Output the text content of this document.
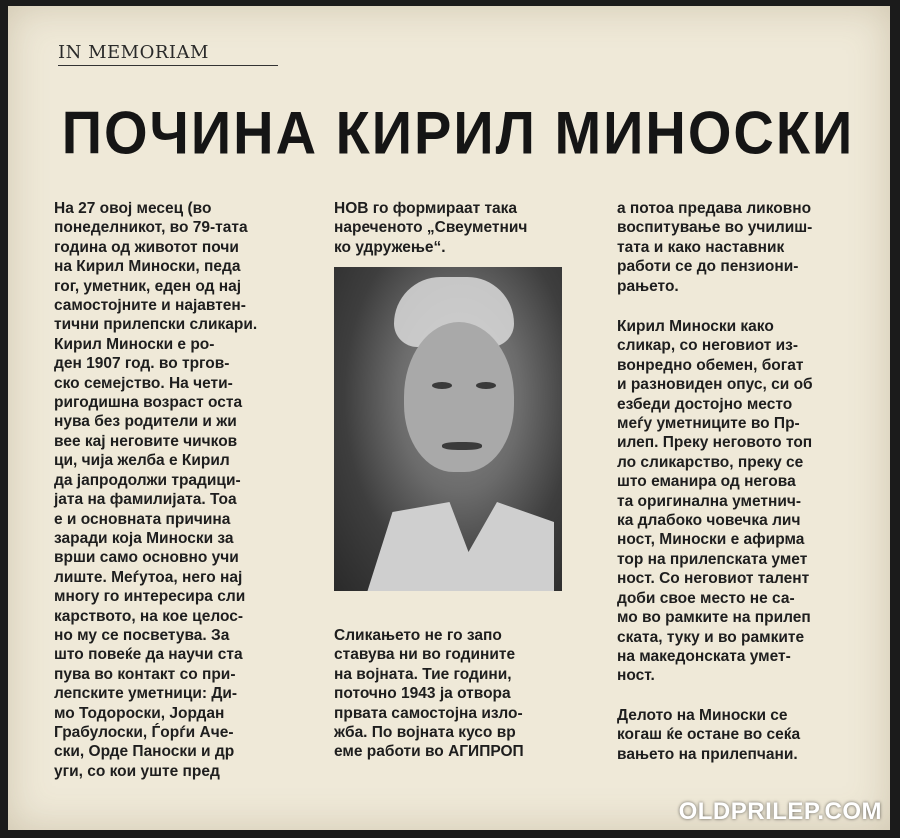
IN MEMORIAM
ПОЧИНА КИРИЛ МИНОСКИ

На 27 овој месец (во

понеделникот, во 79-тата

година од животот почи

на Кирил Миноски, педа

гог, уметник, еден од нај

самостојните и најавтен-

тични прилепски сликари.

Кирил Миноски е ро-

ден 1907 год. во тргов-

ско семејство. На чети-

ригодишна возраст оста

нува без родители и жи

вее кај неговите чичков

ци, чија желба е Кирил

да јапродолжи традици-

јата на фамилијата. Тоа

е и основната причина

заради која Миноски за

врши само основно учи

лиште. Меѓутоа, него нај

многу го интересира сли

карството, на кое целос-

но му се посветува. За

што повеќе да научи ста

пува во контакт со при-

лепските уметници: Ди-

мо Тодороски, Јордан

Грабулоски, Ѓорѓи Аче-

ски, Орде Паноски и др

уги, со кои уште пред

НОВ го формираат така

нареченото „Свеуметнич

ко удружење“.

Сликањето не го запо

ставува ни во годините

на војната. Тие години,

поточно 1943 ја отвора

првата самостојна изло-

жба. По војната кусо вр

еме работи во АГИПРОП

а потоа предава ликовно

воспитување во училиш-

тата и како наставник

работи се до пензиони-

рањето.

Кирил Миноски како

сликар, со неговиот из-

вонредно обемен, богат

и разновиден опус, си об

езбеди достојно место

меѓу уметниците во Пр-

илеп. Преку неговото топ

ло сликарство, преку се

што еманира од негова

та оригинална уметнич-

ка длабоко човечка лич

ност, Миноски е афирма

тор на прилепската умет

ност. Со неговиот талент

доби свое место не са-

мо во рамките на прилеп

ската, туку и во рамките

на македонската умет-

ност.

Делото на Миноски се

когаш ќе остане во сеќа

вањето на прилепчани.

OLDPRILEP.COM
